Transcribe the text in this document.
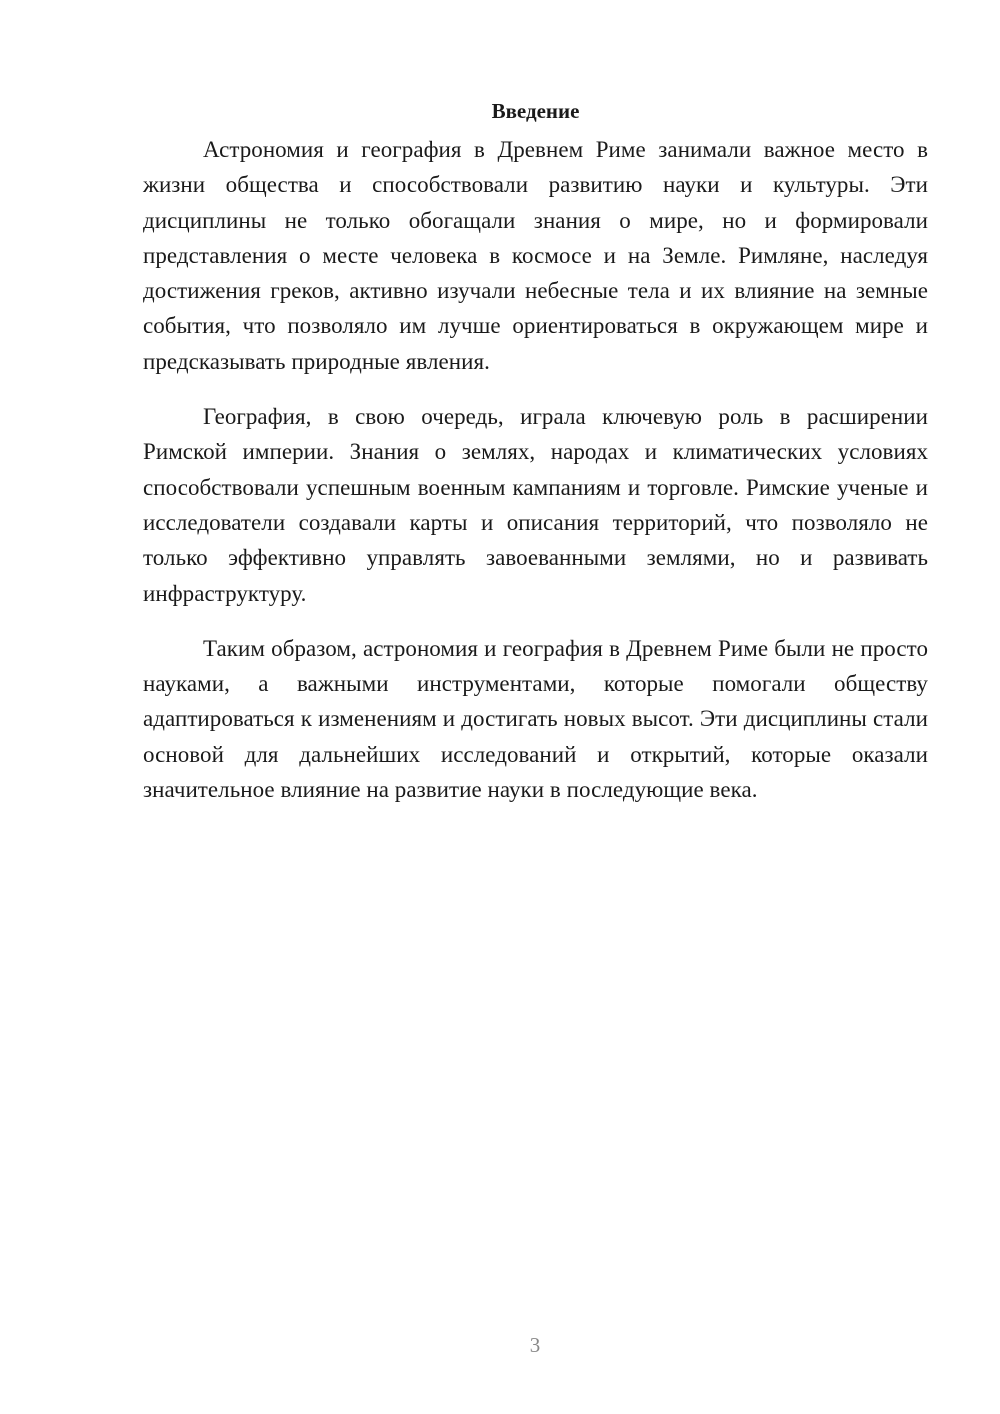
Введение

Астрономия и география в Древнем Риме занимали важное место в жизни общества и способствовали развитию науки и культуры. Эти дисциплины не только обогащали знания о мире, но и формировали представления о месте человека в космосе и на Земле. Римляне, наследуя достижения греков, активно изучали небесные тела и их влияние на земные события, что позволяло им лучше ориентироваться в окружающем мире и предсказывать природные явления.

География, в свою очередь, играла ключевую роль в расширении Римской империи. Знания о землях, народах и климатических условиях способствовали успешным военным кампаниям и торговле. Римские ученые и исследователи создавали карты и описания территорий, что позволяло не только эффективно управлять завоеванными землями, но и развивать инфраструктуру.

Таким образом, астрономия и география в Древнем Риме были не просто науками, а важными инструментами, которые помогали обществу адаптироваться к изменениям и достигать новых высот. Эти дисциплины стали основой для дальнейших исследований и открытий, которые оказали значительное влияние на развитие науки в последующие века.

3
